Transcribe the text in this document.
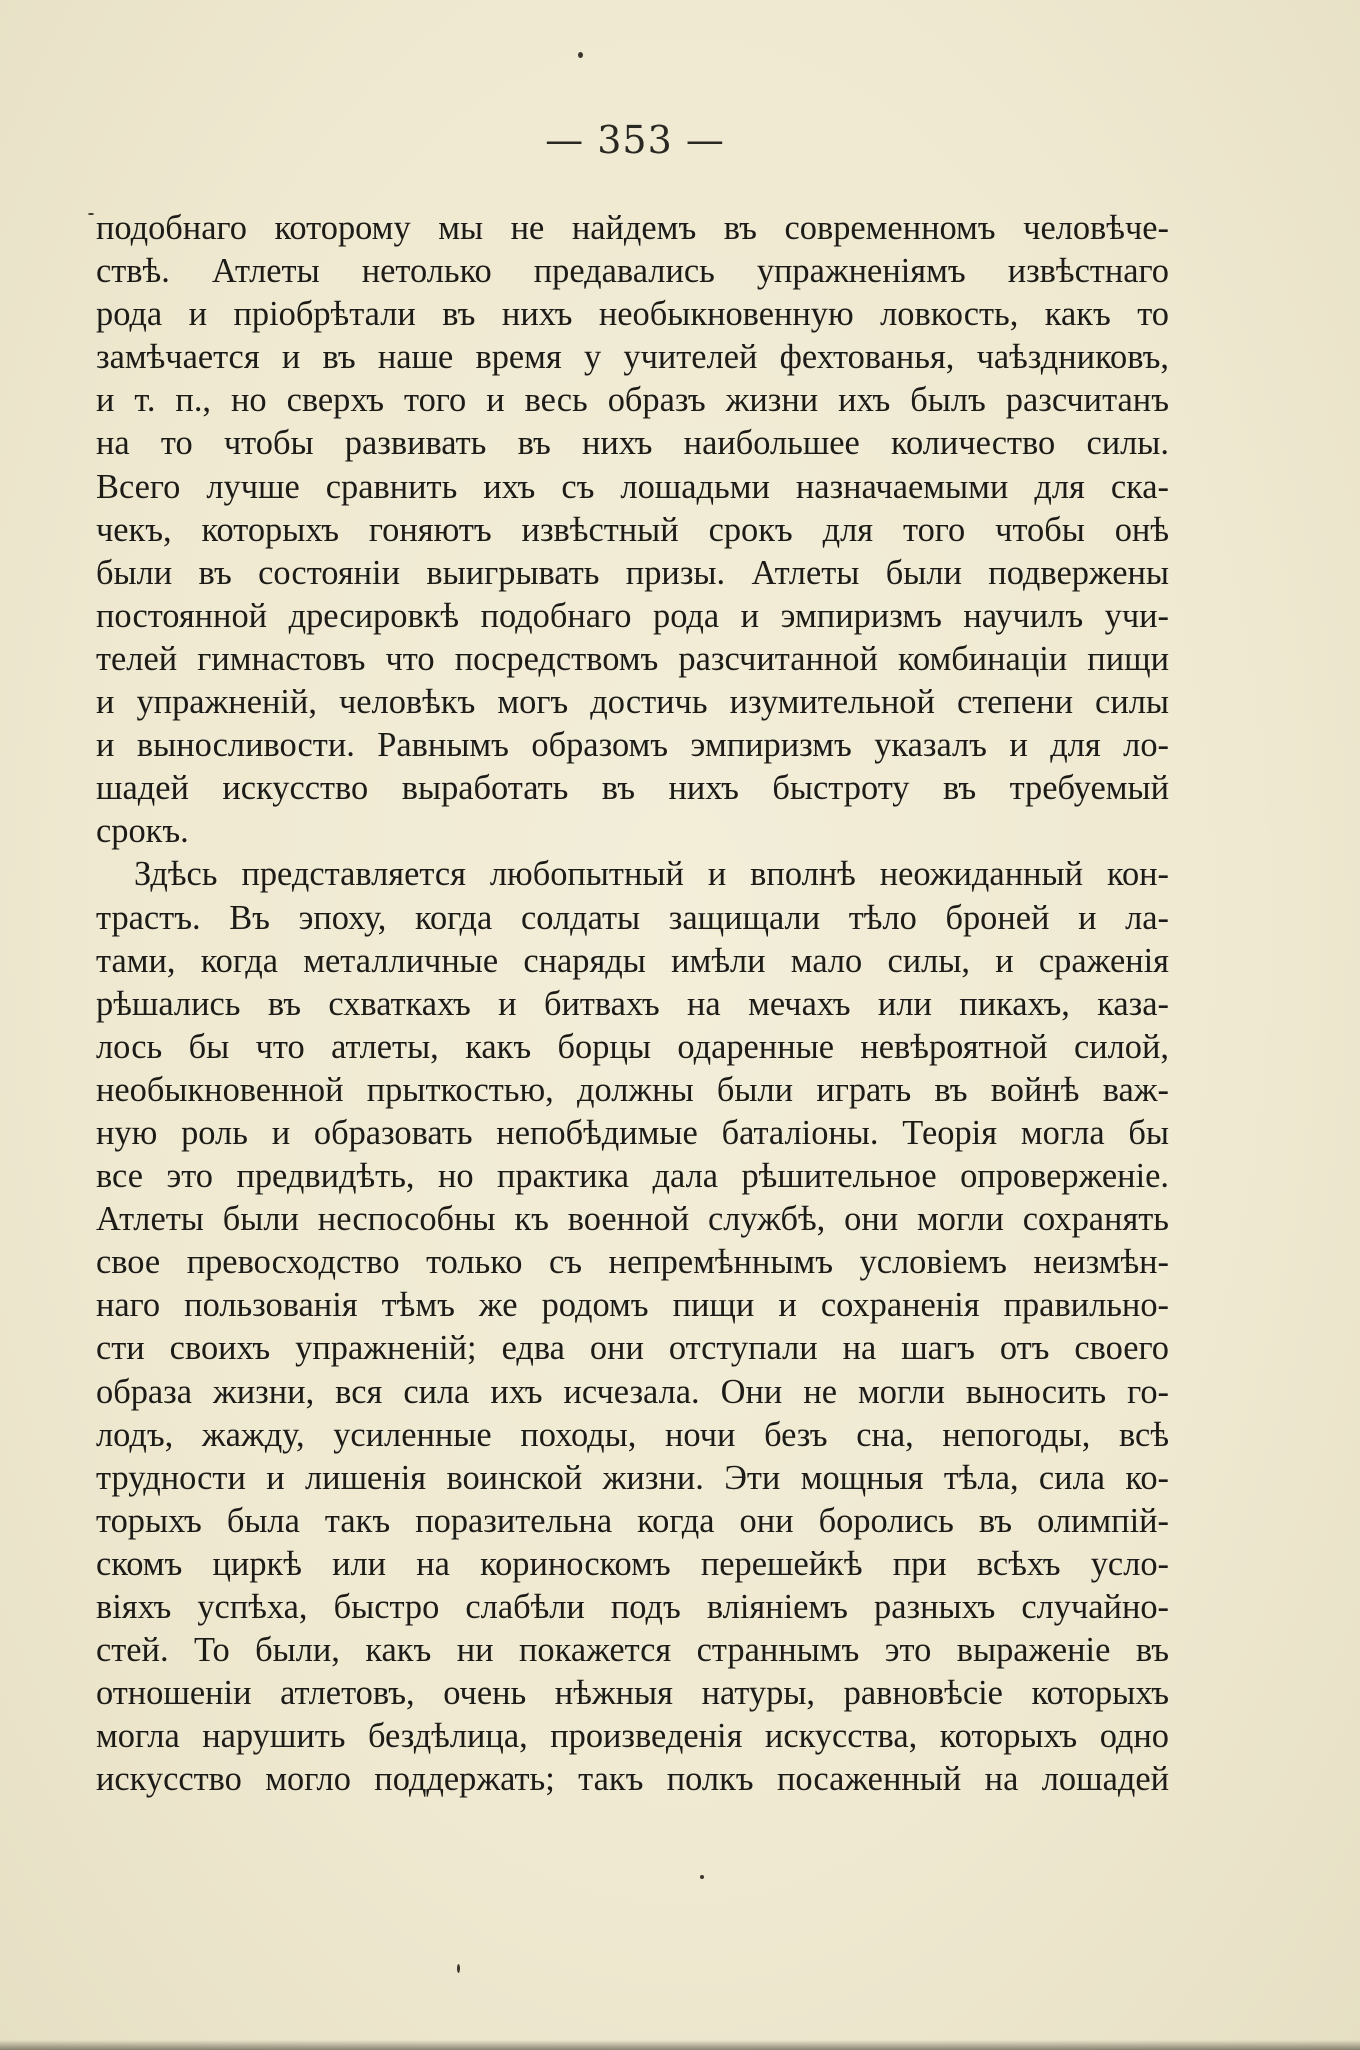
— 353 —
подобнаго которому мы не найдемъ въ современномъ человѣче-
ствѣ. Атлеты нетолько предавались упражненіямъ извѣстнаго
рода и пріобрѣтали въ нихъ необыкновенную ловкость, какъ то
замѣчается и въ наше время у учителей фехтованья, чаѣздниковъ,
и т. п., но сверхъ того и весь образъ жизни ихъ былъ разсчитанъ
на то чтобы развивать въ нихъ наибольшее количество силы.
Всего лучше сравнить ихъ съ лошадьми назначаемыми для ска-
чекъ, которыхъ гоняютъ извѣстный срокъ для того чтобы онѣ
были въ состояніи выигрывать призы. Атлеты были подвержены
постоянной дресировкѣ подобнаго рода и эмпиризмъ научилъ учи-
телей гимнастовъ что посредствомъ разсчитанной комбинаціи пищи
и упражненій, человѣкъ могъ достичь изумительной степени силы
и выносливости. Равнымъ образомъ эмпиризмъ указалъ и для ло-
шадей искусство выработать въ нихъ быстроту въ требуемый
срокъ.
Здѣсь представляется любопытный и вполнѣ неожиданный кон-
трастъ. Въ эпоху, когда солдаты защищали тѣло броней и ла-
тами, когда металличные снаряды имѣли мало силы, и сраженія
рѣшались въ схваткахъ и битвахъ на мечахъ или пикахъ, каза-
лось бы что атлеты, какъ борцы одаренные невѣроятной силой,
необыкновенной прыткостью, должны были играть въ войнѣ важ-
ную роль и образовать непобѣдимые баталіоны. Теорія могла бы
все это предвидѣть, но практика дала рѣшительное опроверженіе.
Атлеты были неспособны къ военной службѣ, они могли сохранять
свое превосходство только съ непремѣннымъ условіемъ неизмѣн-
наго пользованія тѣмъ же родомъ пищи и сохраненія правильно-
сти своихъ упражненій; едва они отступали на шагъ отъ своего
образа жизни, вся сила ихъ исчезала. Они не могли выносить го-
лодъ, жажду, усиленные походы, ночи безъ сна, непогоды, всѣ
трудности и лишенія воинской жизни. Эти мощныя тѣла, сила ко-
торыхъ была такъ поразительна когда они боролись въ олимпій-
скомъ циркѣ или на кориноскомъ перешейкѣ при всѣхъ усло-
віяхъ успѣха, быстро слабѣли подъ вліяніемъ разныхъ случайно-
стей. То были, какъ ни покажется страннымъ это выраженіе въ
отношеніи атлетовъ, очень нѣжныя натуры, равновѣсіе которыхъ
могла нарушить бездѣлица, произведенія искусства, которыхъ одно
искусство могло поддержать; такъ полкъ посаженный на лошадей
